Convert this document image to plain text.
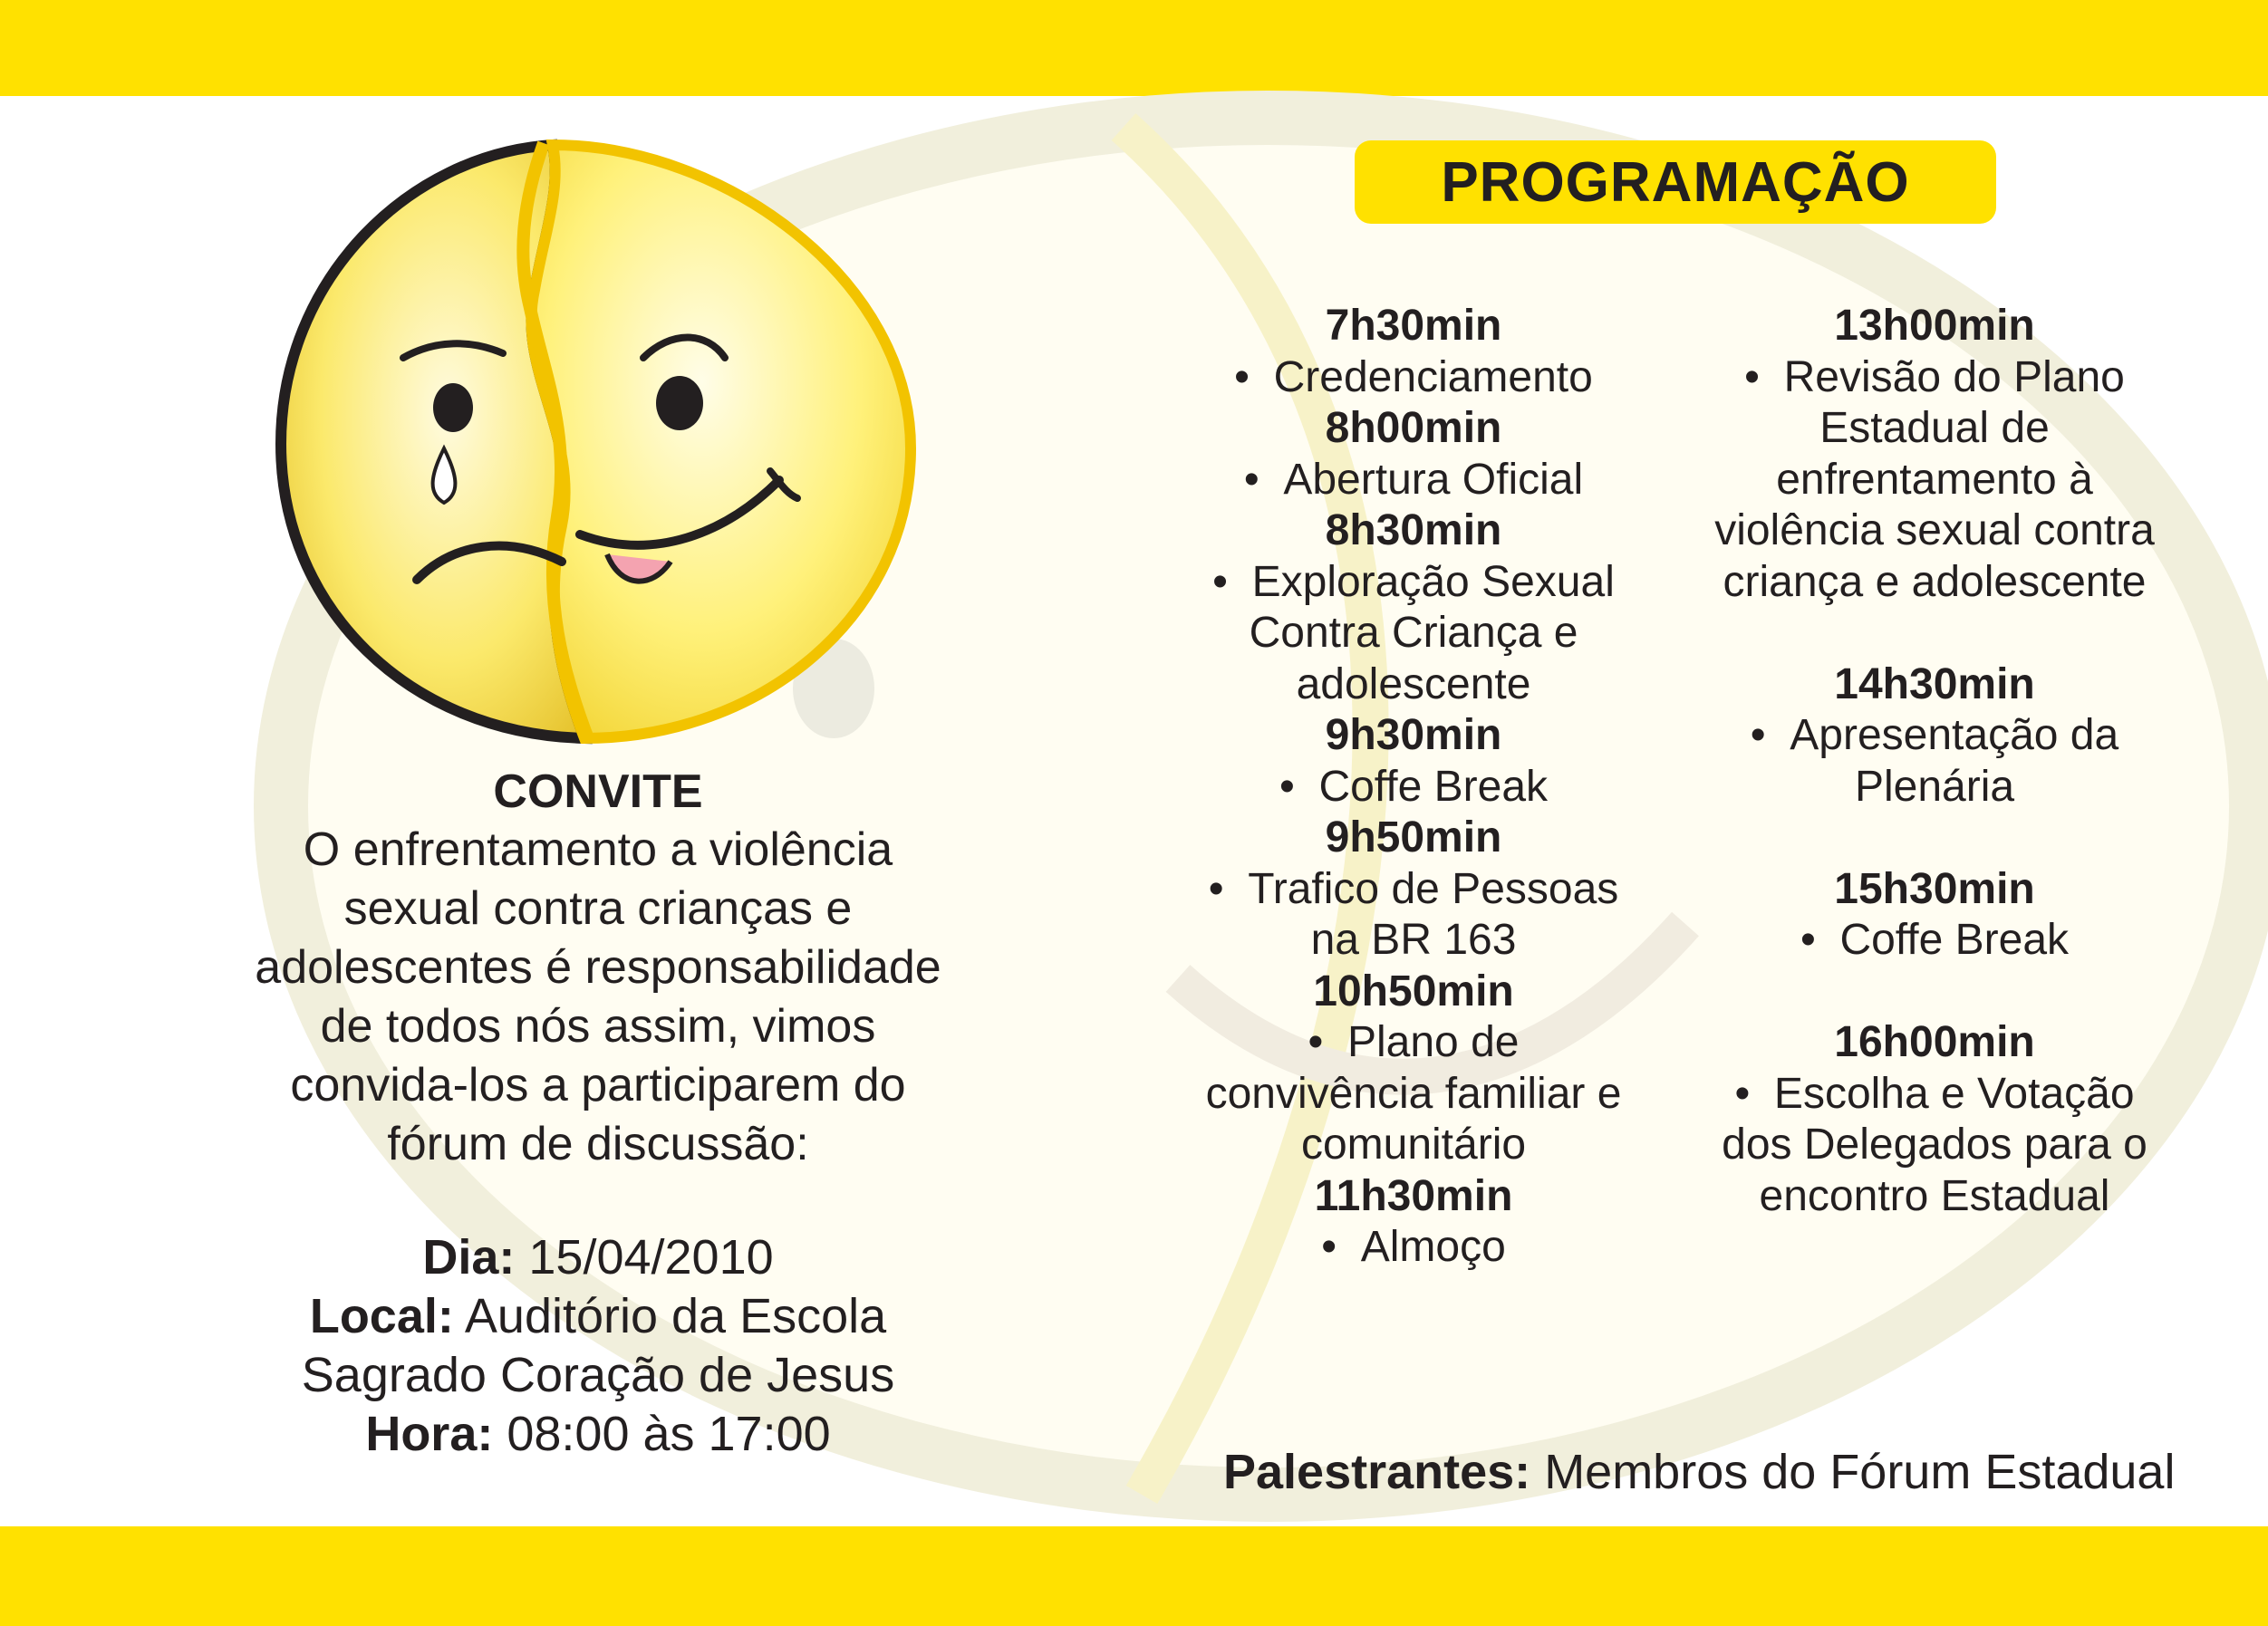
CONVITE
O enfrentamento a violência
sexual contra crianças e
adolescentes é responsabilidade
de todos nós assim, vimos
convida-los a participarem do
fórum de discussão:
Dia: 15/04/2010
Local: Auditório da Escola
Sagrado Coração de Jesus
Hora: 08:00 às 17:00
PROGRAMAÇÃO
7h30min
•  Credenciamento
8h00min
•  Abertura Oficial
8h30min
•  Exploração Sexual
Contra Criança e
adolescente
9h30min
•  Coffe Break
9h50min
•  Trafico de Pessoas
na BR 163
10h50min
•  Plano de
convivência familiar e
comunitário
11h30min
•  Almoço
13h00min
•  Revisão do Plano
Estadual de
enfrentamento à
violência sexual contra
criança e adolescente
14h30min
•  Apresentação da
Plenária
15h30min
•  Coffe Break
16h00min
•  Escolha e Votação
dos Delegados para o
encontro Estadual
Palestrantes: Membros do Fórum Estadual
